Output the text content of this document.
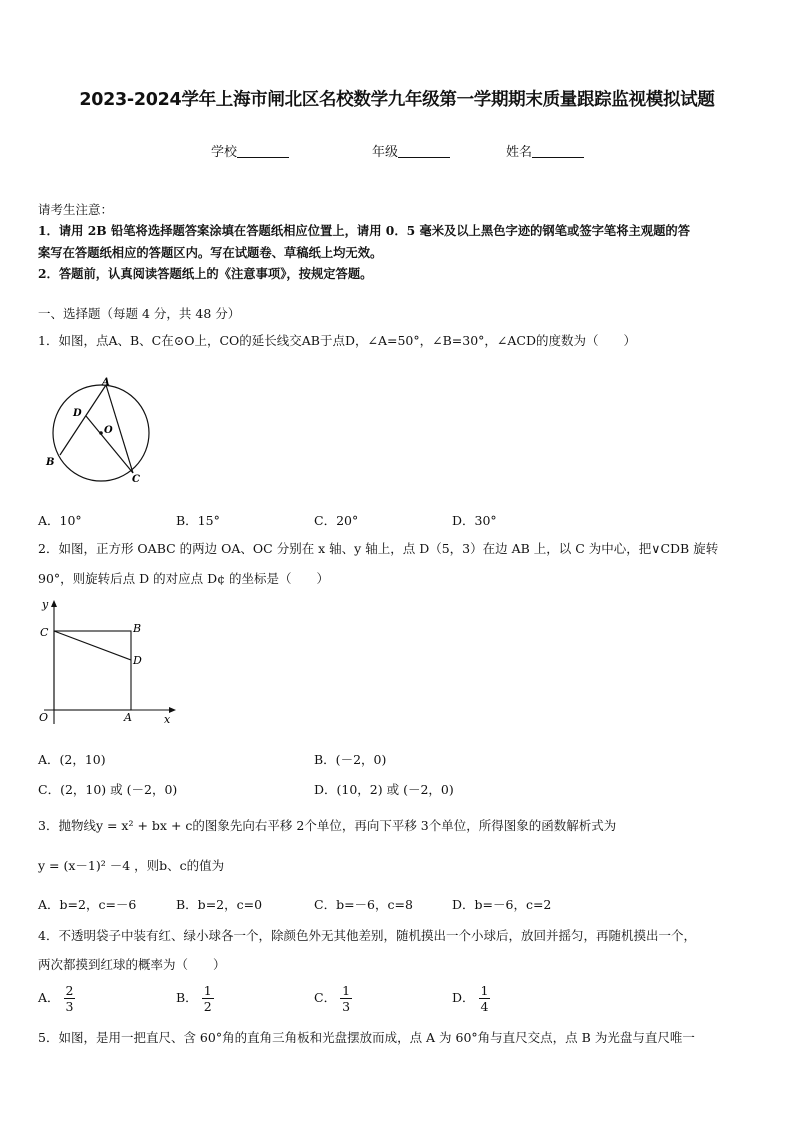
2023-2024学年上海市闸北区名校数学九年级第一学期期末质量跟踪监视模拟试题
学校	年级	姓名
请考生注意：
1．请用 2B 铅笔将选择题答案涂填在答题纸相应位置上，请用 0．5 毫米及以上黑色字迹的钢笔或签字笔将主观题的答
案写在答题纸相应的答题区内。写在试题卷、草稿纸上均无效。
2．答题前，认真阅读答题纸上的《注意事项》，按规定答题。
一、选择题（每题 4 分，共 48 分）
1．如图，点A、B、C在⊙O上，CO的延长线交AB于点D，∠A=50°，∠B=30°，∠ACD的度数为（　　）
A
D
O
B
C
A．10°	B．15°	C．20°	D．30°
2．如图，正方形 OABC 的两边 OA、OC 分别在 x 轴、y 轴上，点 D（5，3）在边 AB 上，以 C 为中心，把∨CDB 旋转
90°，则旋转后点 D 的对应点 D¢ 的坐标是（　　）
y
x
O	A
B
C
D
A．(2，10)	B．(－2，0)
C．(2，10) 或 (－2，0)	D．(10，2) 或 (－2，0)
3．抛物线y = x² + bx + c的图象先向右平移 2个单位，再向下平移 3个单位，所得图象的函数解析式为
y = (x－1)² －4 ，则b、c的值为
A．b=2，c=－6	B．b=2，c=0	C．b=－6，c=8	D．b=－6，c=2
4．不透明袋子中装有红、绿小球各一个，除颜色外无其他差别，随机摸出一个小球后，放回并摇匀，再随机摸出一个，
两次都摸到红球的概率为（　　）
A． $\frac{2}{3}$	B． $\frac{1}{2}$	C． $\frac{1}{3}$	D． $\frac{1}{4}$
5．如图，是用一把直尺、含 60°角的直角三角板和光盘摆放而成，点 A 为 60°角与直尺交点，点 B 为光盘与直尺唯一
